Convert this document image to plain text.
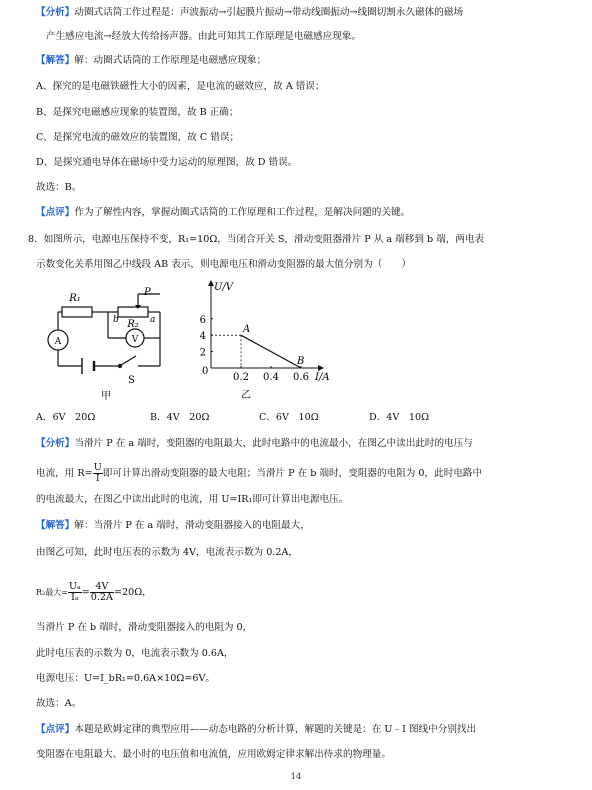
【分析】动圈式话筒工作过程是：声波振动→引起膜片振动→带动线圈振动→线圈切割永久磁体的磁场
产生感应电流→经放大传给扬声器。由此可知其工作原理是电磁感应现象。
【解答】解：动圈式话筒的工作原理是电磁感应现象；
A、探究的是电磁铁磁性大小的因素，是电流的磁效应，故 A 错误；
B、是探究电磁感应现象的装置图，故 B 正确；
C、是探究电流的磁效应的装置图，故 C 错误；
D、是探究通电导体在磁场中受力运动的原理图，故 D 错误。
故选：B。
【点评】作为了解性内容，掌握动圈式话筒的工作原理和工作过程，是解决问题的关键。
8．如图所示，电源电压保持不变，R₁=10Ω，当闭合开关 S，滑动变阻器滑片 P 从 a 端移到 b 端，两电表
示数变化关系用图乙中线段 AB 表示，则电源电压和滑动变阻器的最大值分别为（　　）
R₁
R₂
P
b	a
A	V
S
甲
0.2 0.4 0.6
2
4
6
U/V
I/A
0
A
B
乙
A．6V　20Ω	B．4V　20Ω	C．6V　10Ω	D．4V　10Ω
【分析】当滑片 P 在 a 端时，变阻器的电阻最大，此时电路中的电流最小，在图乙中读出此时的电压与
电流，用 $R= \frac{U}{I}$ 即可计算出滑动变阻器的最大电阻；当滑片 P 在 b 端时，变阻器的电阻为 0，此时电路中
的电流最大，在图乙中读出此时的电流，用 U=IR₁即可计算出电源电压。
【解答】解：当滑片 P 在 a 端时，滑动变阻器接入的电阻最大，
由图乙可知，此时电压表的示数为 4V，电流表示数为 0.2A，
R₂最大= $\frac{\text{Uₐ}}{\text{Iₐ}} = \frac{4V}{0.2A} =20\Omega$，
当滑片 P 在 b 端时，滑动变阻器接入的电阻为 0，
此时电压表的示数为 0，电流表示数为 0.6A，
电源电压：U=I_bR₁=0.6A×10Ω=6V。
故选：A。
【点评】本题是欧姆定律的典型应用——动态电路的分析计算，解题的关键是：在 U﹣I 图线中分别找出
变阻器在电阻最大、最小时的电压值和电流值，应用欧姆定律求解出待求的物理量。
14
